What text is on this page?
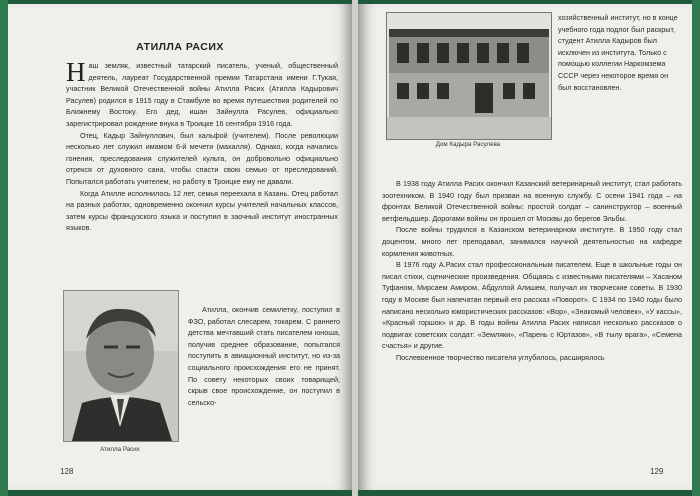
АТИЛЛА РАСИХ

Наш земляк, известный татарский писатель, ученый, общественный деятель, лауреат Государственной премии Татарстана имени Г.Тукая, участник Великой Отечественной войны Атилла Расих (Атилла Кадырович Расулев) родился в 1915 году в Стамбуле во время путешествия родителей по Ближнему Востоку. Его дед, ишан Зайнулла Расулев, официально зарегистрировал рождение внука в Троицке 16 сентября 1916 года.

Отец, Кадыр Зайнуллович, был хальфой (учителем). После революции несколько лет служил имамом 6-й мечети (махалля). Однако, когда начались гонения, преследования служителей культа, он добровольно официально отрекся от духовного сана, чтобы спасти свою семью от преследований. Попытался работать учителем, но работу в Троицке ему не давали.

Когда Атилле исполнилось 12 лет, семья переехала в Казань. Отец работал на разных работах, одновременно окончил курсы учителей начальных классов, затем курсы французского языка и поступил в заочный институт иностранных языков.

Атилла Расих

Атилла, окончив семилетку, поступил в ФЗО, работал слесарем, токарем. С раннего детства мечтавший стать писателем юноша, получив среднее образование, попытался поступить в авиационный институт, но из-за социального происхождения его не принят. По совету некоторых своих товарищей, скрыв свое происхождение, он поступил в сельско-

128
Дом Кадыра Расулева

хозяйственный институт, но в конце учебного года подлог был раскрыт, студент Атилла Кадыров был исключен из института. Только с помощью коллегии Наркомзема СССР через некоторое время он был восстановлен.

В 1938 году Атилла Расих окончил Казанский ветеринарный институт, стал работать зоотехником. В 1940 году был призван на военную службу. С осени 1941 года – на фронтах Великой Отечественной войны: простой солдат – санинструктор – военный ветфельдшер. Дорогами войны он прошел от Москвы до берегов Эльбы.

После войны трудился в Казанском ветеринарном институте. В 1950 году стал доцентом, много лет преподавал, занимался научной деятельностью на кафедре кормления животных.

В 1976 году А.Расих стал профессиональным писателем. Еще в школьные годы он писал стихи, сценические произведения. Общаясь с известными писателями – Хасаном Туфаном, Мирсаем Амиром, Абдуллой Алишем, получал их творческие советы. В 1930 году в Москве был напечатан первый его рассказ «Поворот». С 1934 по 1940 годы было написано несколько юмористических рассказов: «Вор», «Знакомый человек», «У кассы», «Красный горшок» и др. В годы войны Атилла Расих написал несколько рассказов о подвигах советских солдат: «Земляки», «Парень с Юртазов», «В тылу врага», «Семена счастья» и другие.

Послевоенное творчество писателя углубилось, расширялось

129
